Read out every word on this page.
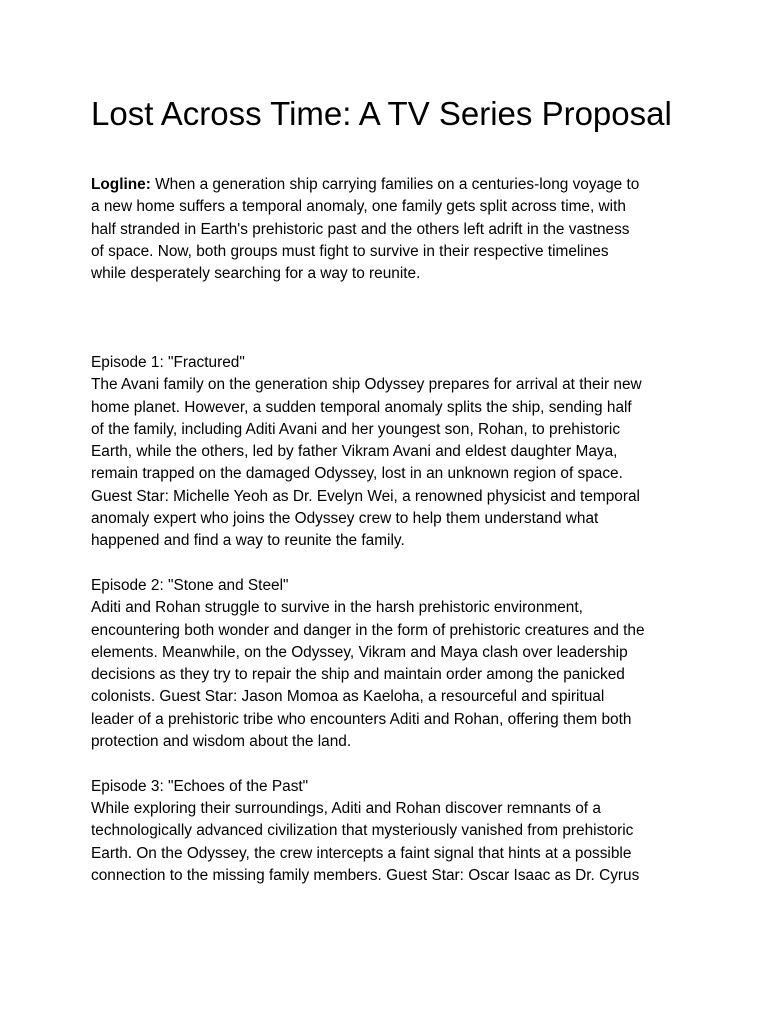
Lost Across Time: A TV Series Proposal

Logline: When a generation ship carrying families on a centuries-long voyage to
a new home suffers a temporal anomaly, one family gets split across time, with
half stranded in Earth's prehistoric past and the others left adrift in the vastness
of space. Now, both groups must fight to survive in their respective timelines
while desperately searching for a way to reunite.

Episode 1: "Fractured"

The Avani family on the generation ship Odyssey prepares for arrival at their new
home planet. However, a sudden temporal anomaly splits the ship, sending half
of the family, including Aditi Avani and her youngest son, Rohan, to prehistoric
Earth, while the others, led by father Vikram Avani and eldest daughter Maya,
remain trapped on the damaged Odyssey, lost in an unknown region of space.
Guest Star: Michelle Yeoh as Dr. Evelyn Wei, a renowned physicist and temporal
anomaly expert who joins the Odyssey crew to help them understand what
happened and find a way to reunite the family.

Episode 2: "Stone and Steel"

Aditi and Rohan struggle to survive in the harsh prehistoric environment,
encountering both wonder and danger in the form of prehistoric creatures and the
elements. Meanwhile, on the Odyssey, Vikram and Maya clash over leadership
decisions as they try to repair the ship and maintain order among the panicked
colonists. Guest Star: Jason Momoa as Kaeloha, a resourceful and spiritual
leader of a prehistoric tribe who encounters Aditi and Rohan, offering them both
protection and wisdom about the land.

Episode 3: "Echoes of the Past"

While exploring their surroundings, Aditi and Rohan discover remnants of a
technologically advanced civilization that mysteriously vanished from prehistoric
Earth. On the Odyssey, the crew intercepts a faint signal that hints at a possible
connection to the missing family members. Guest Star: Oscar Isaac as Dr. Cyrus
